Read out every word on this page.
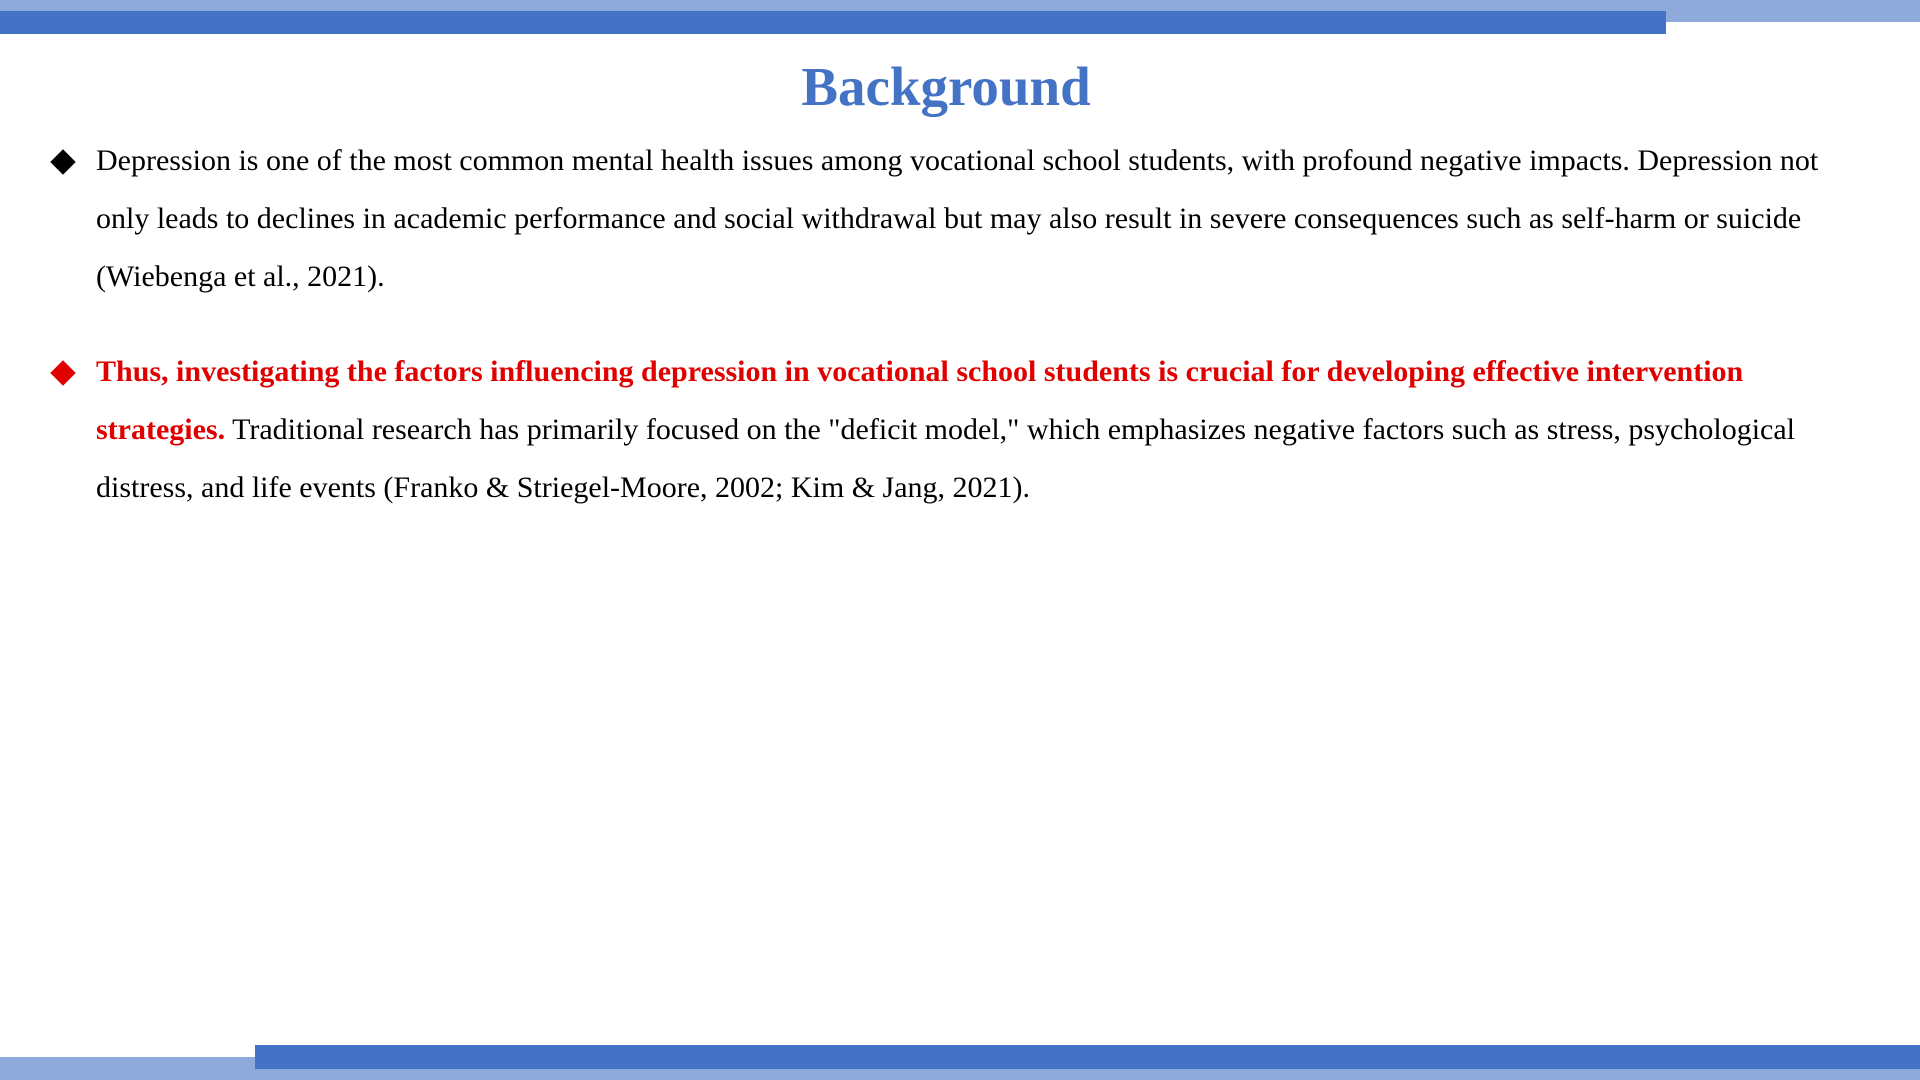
Background
Depression is one of the most common mental health issues among vocational school students, with profound negative impacts. Depression not only leads to declines in academic performance and social withdrawal but may also result in severe consequences such as self-harm or suicide (Wiebenga et al., 2021).
Thus, investigating the factors influencing depression in vocational school students is crucial for developing effective intervention strategies. Traditional research has primarily focused on the "deficit model," which emphasizes negative factors such as stress, psychological distress, and life events (Franko & Striegel-Moore, 2002; Kim & Jang, 2021).
